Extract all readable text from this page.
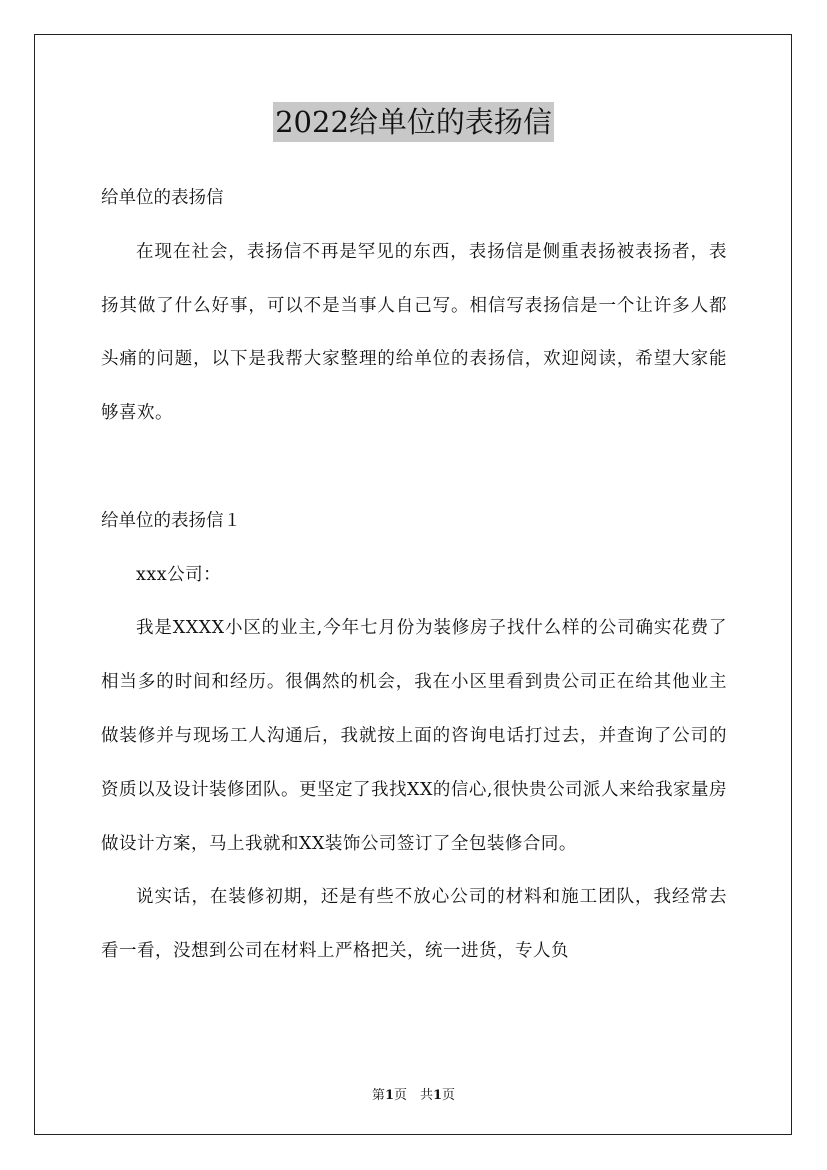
2022给单位的表扬信

给单位的表扬信

在现在社会，表扬信不再是罕见的东西，表扬信是侧重表扬被表扬者，表扬其做了什么好事，可以不是当事人自己写。相信写表扬信是一个让许多人都头痛的问题，以下是我帮大家整理的给单位的表扬信，欢迎阅读，希望大家能够喜欢。

给单位的表扬信１

xxx公司：

我是XXXX小区的业主,今年七月份为装修房子找什么样的公司确实花费了相当多的时间和经历。很偶然的机会，我在小区里看到贵公司正在给其他业主做装修并与现场工人沟通后，我就按上面的咨询电话打过去，并查询了公司的资质以及设计装修团队。更坚定了我找XX的信心,很快贵公司派人来给我家量房做设计方案，马上我就和XX装饰公司签订了全包装修合同。

说实话，在装修初期，还是有些不放心公司的材料和施工团队，我经常去看一看，没想到公司在材料上严格把关，统一进货，专人负

第1页　共1页
